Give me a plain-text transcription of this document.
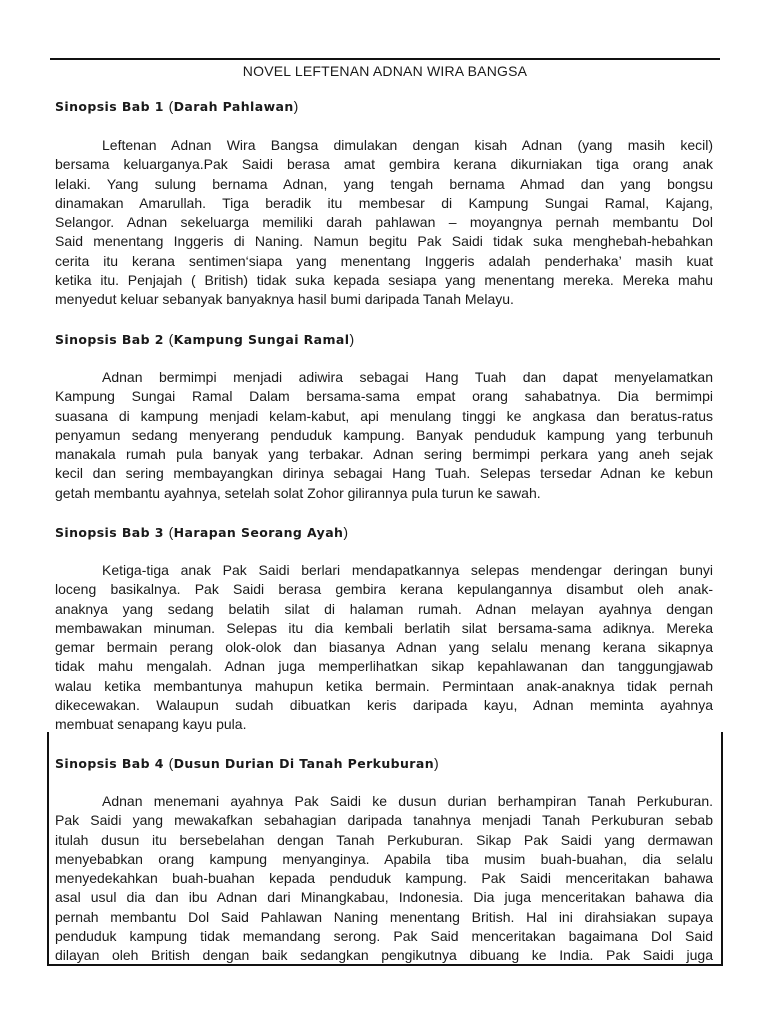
NOVEL LEFTENAN ADNAN WIRA BANGSA
Sinopsis Bab 1 (Darah Pahlawan)
Leftenan Adnan Wira Bangsa dimulakan dengan kisah Adnan (yang masih kecil)
bersama keluarganya.Pak Saidi berasa amat gembira kerana dikurniakan tiga orang anak
lelaki. Yang sulung bernama Adnan, yang tengah bernama Ahmad dan yang bongsu
dinamakan Amarullah. Tiga beradik itu membesar di Kampung Sungai Ramal, Kajang,
Selangor. Adnan sekeluarga memiliki darah pahlawan – moyangnya pernah membantu Dol
Said menentang Inggeris di Naning. Namun begitu Pak Saidi tidak suka menghebah-hebahkan
cerita itu kerana sentimen‘siapa yang menentang Inggeris adalah penderhaka’ masih kuat
ketika itu. Penjajah ( British) tidak suka kepada sesiapa yang menentang mereka. Mereka mahu
menyedut keluar sebanyak banyaknya hasil bumi daripada Tanah Melayu.
Sinopsis Bab 2 (Kampung Sungai Ramal)
Adnan bermimpi menjadi adiwira sebagai Hang Tuah dan dapat menyelamatkan
Kampung Sungai Ramal Dalam bersama-sama empat orang sahabatnya. Dia bermimpi
suasana di kampung menjadi kelam-kabut, api menulang tinggi ke angkasa dan beratus-ratus
penyamun sedang menyerang penduduk kampung. Banyak penduduk kampung yang terbunuh
manakala rumah pula banyak yang terbakar. Adnan sering bermimpi perkara yang aneh sejak
kecil dan sering membayangkan dirinya sebagai Hang Tuah. Selepas tersedar Adnan ke kebun
getah membantu ayahnya, setelah solat Zohor gilirannya pula turun ke sawah.
Sinopsis Bab 3 (Harapan Seorang Ayah)
Ketiga-tiga anak Pak Saidi berlari mendapatkannya selepas mendengar deringan bunyi
loceng basikalnya. Pak Saidi berasa gembira kerana kepulangannya disambut oleh anak-
anaknya yang sedang belatih silat di halaman rumah. Adnan melayan ayahnya dengan
membawakan minuman. Selepas itu dia kembali berlatih silat bersama-sama adiknya. Mereka
gemar bermain perang olok-olok dan biasanya Adnan yang selalu menang kerana sikapnya
tidak mahu mengalah. Adnan juga memperlihatkan sikap kepahlawanan dan tanggungjawab
walau ketika membantunya mahupun ketika bermain. Permintaan anak-anaknya tidak pernah
dikecewakan. Walaupun sudah dibuatkan keris daripada kayu, Adnan meminta ayahnya
membuat senapang kayu pula.
Sinopsis Bab 4 (Dusun Durian Di Tanah Perkuburan)
Adnan menemani ayahnya Pak Saidi ke dusun durian berhampiran Tanah Perkuburan.
Pak Saidi yang mewakafkan sebahagian daripada tanahnya menjadi Tanah Perkuburan sebab
itulah dusun itu bersebelahan dengan Tanah Perkuburan. Sikap Pak Saidi yang dermawan
menyebabkan orang kampung menyanginya. Apabila tiba musim buah-buahan, dia selalu
menyedekahkan buah-buahan kepada penduduk kampung. Pak Saidi menceritakan bahawa
asal usul dia dan ibu Adnan dari Minangkabau, Indonesia. Dia juga menceritakan bahawa dia
pernah membantu Dol Said Pahlawan Naning menentang British. Hal ini dirahsiakan supaya
penduduk kampung tidak memandang serong. Pak Said menceritakan bagaimana Dol Said
dilayan oleh British dengan baik sedangkan pengikutnya dibuang ke India. Pak Saidi juga
